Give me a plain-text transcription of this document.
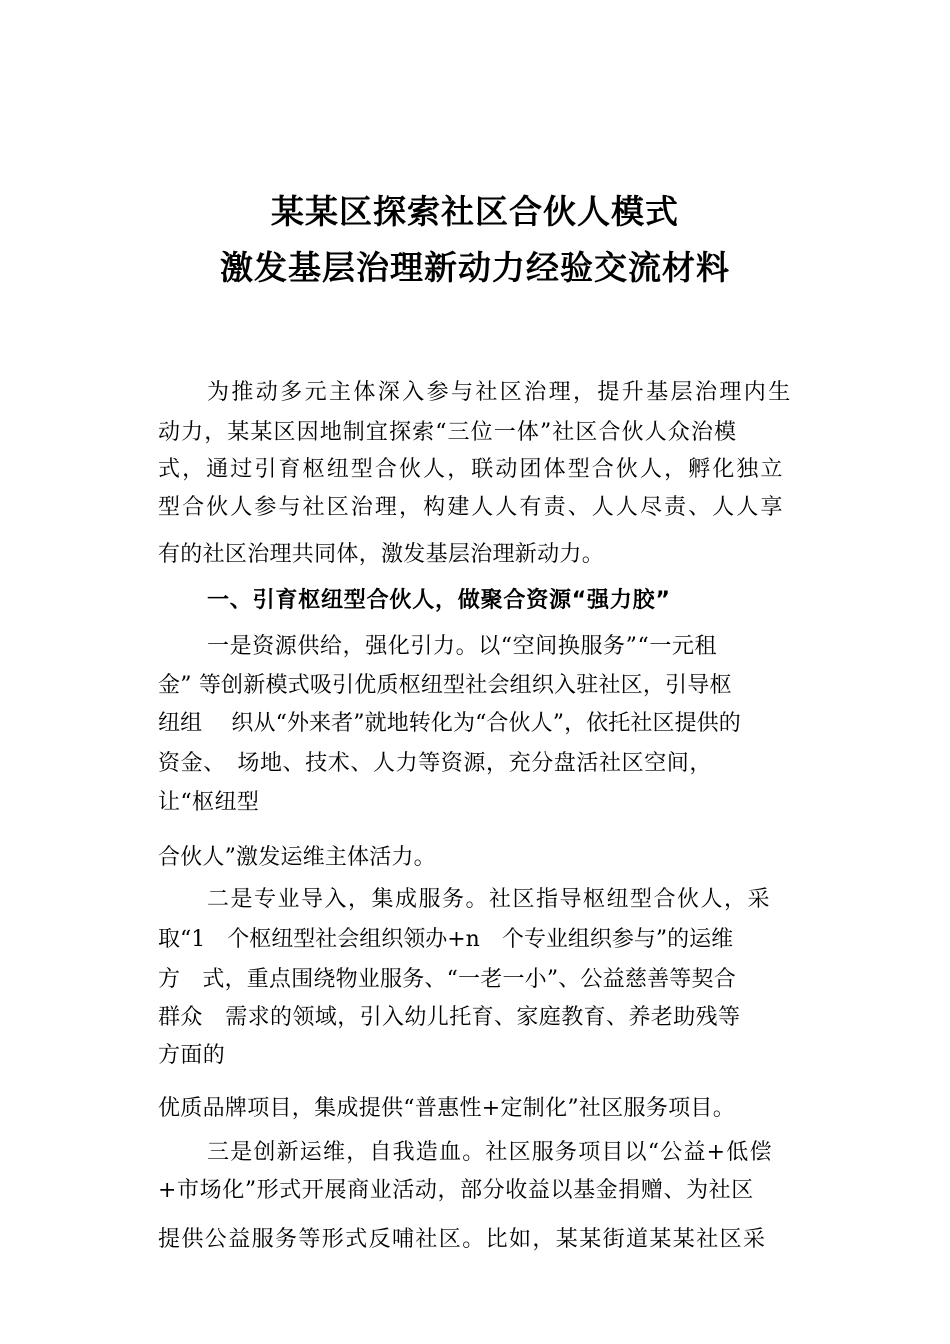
某某区探索社区合伙人模式
激发基层治理新动力经验交流材料
为推动多元主体深入参与社区治理，提升基层治理内生
动力，某某区因地制宜探索“三位一体”社区合伙人众治模
式，通过引育枢纽型合伙人，联动团体型合伙人，孵化独立
型合伙人参与社区治理，构建人人有责、人人尽责、人人享
有的社区治理共同体，激发基层治理新动力。
一、引育枢纽型合伙人，做聚合资源“强力胶”
一是资源供给，强化引力。以“空间换服务”“一元租
金” 等创新模式吸引优质枢纽型社会组织入驻社区，引导枢
纽组　 织从“外来者”就地转化为“合伙人”，依托社区提供的
资金、　场地、技术、人力等资源，充分盘活社区空间，
让“枢纽型
合伙人”激发运维主体活力。
二是专业导入，集成服务。社区指导枢纽型合伙人，采
取“1　个枢纽型社会组织领办+n　个专业组织参与”的运维
方　式，重点围绕物业服务、“一老一小”、公益慈善等契合
群众　需求的领域，引入幼儿托育、家庭教育、养老助残等
方面的
优质品牌项目，集成提供“普惠性+定制化”社区服务项目。
三是创新运维，自我造血。社区服务项目以“公益+低偿
+市场化”形式开展商业活动，部分收益以基金捐赠、为社区
提供公益服务等形式反哺社区。比如，某某街道某某社区采
